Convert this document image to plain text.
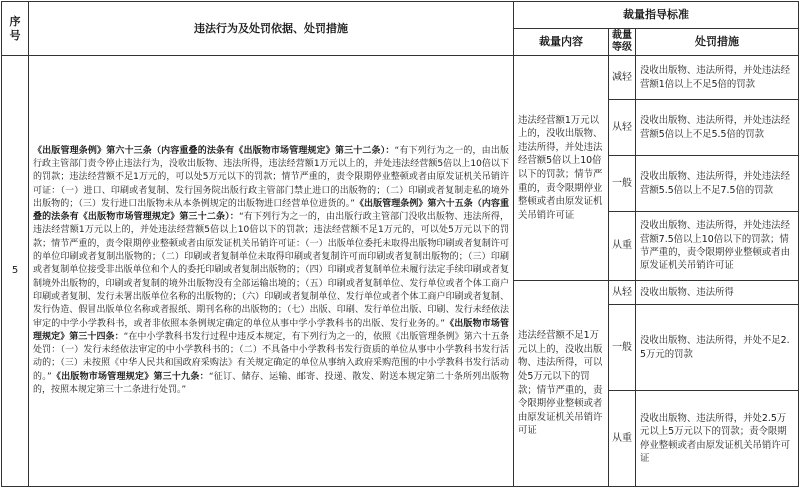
序号	违法行为及处罚依据、处罚措施	裁量指导标准		
		裁量内容	裁量等级	处罚措施
5	《出版管理条例》第六十三条（内容重叠的法条有《出版物市场管理规定》第三十二条）：“有下列行为之一的，由出版行政主管部门责令停止违法行为，没收出版物、违法所得，违法经营额1万元以上的，并处违法经营额5倍以上10倍以下的罚款；违法经营额不足1万元的，可以处5万元以下的罚款；情节严重的，责令限期停业整顿或者由原发证机关吊销许可证：（一）进口、印刷或者复制、发行国务院出版行政主管部门禁止进口的出版物的；（二）印刷或者复制走私的境外出版物的；（三）发行进口出版物未从本条例规定的出版物进口经营单位进货的。”《出版管理条例》第六十五条（内容重叠的法条有《出版物市场管理规定》第三十二条）：“有下列行为之一的，由出版行政主管部门没收出版物、违法所得，违法经营额1万元以上的，并处违法经营额5倍以上10倍以下的罚款；违法经营额不足1万元的，可以处5万元以下的罚款；情节严重的，责令限期停业整顿或者由原发证机关吊销许可证：（一）出版单位委托未取得出版物印刷或者复制许可的单位印刷或者复制出版物的；（二）印刷或者复制单位未取得印刷或者复制许可而印刷或者复制出版物的；（三）印刷或者复制单位接受非出版单位和个人的委托印刷或者复制出版物的；（四）印刷或者复制单位未履行法定手续印刷或者复制境外出版物的，印刷或者复制的境外出版物没有全部运输出境的；（五）印刷或者复制单位、发行单位或者个体工商户印刷或者复制、发行未署出版单位名称的出版物的；（六）印刷或者复制单位、发行单位或者个体工商户印刷或者复制、发行伪造、假冒出版单位名称或者报纸、期刊名称的出版物的；（七）出版、印刷、发行单位出版、印刷、发行未经依法审定的中学小学教科书，或者非依照本条例规定确定的单位从事中学小学教科书的出版、发行业务的。”《出版物市场管理规定》第三十四条：“在中小学教科书发行过程中违反本规定，有下列行为之一的，依照《出版管理条例》第六十五条处罚：（一）发行未经依法审定的中小学教科书的；（二）不具备中小学教科书发行资质的单位从事中小学教科书发行活动的；（三）未按照《中华人民共和国政府采购法》有关规定确定的单位从事纳入政府采购范围的中小学教科书发行活动的。”《出版物市场管理规定》第三十九条：“征订、储存、运输、邮寄、投递、散发、附送本规定第二十条所列出版物的，按照本规定第三十二条进行处罚。”	违法经营额1万元以上的，没收出版物、违法所得，并处违法经营额5倍以上10倍以下的罚款；情节严重的，责令限期停业整顿或者由原发证机关吊销许可证	减轻	没收出版物、违法所得，并处违法经营额1倍以上不足5倍的罚款
			从轻	没收出版物、违法所得，并处违法经营额5倍以上不足5.5倍的罚款
			一般	没收出版物、违法所得，并处违法经营额5.5倍以上不足7.5倍的罚款
			从重	没收出版物、违法所得，并处违法经营额7.5倍以上10倍以下的罚款；情节严重的，责令限期停业整顿或者由原发证机关吊销许可证
		违法经营额不足1万元以上的，没收出版物、违法所得，可以处5万元以下的罚款；情节严重的，责令限期停业整顿或者由原发证机关吊销许可证	从轻	没收出版物、违法所得
			一般	没收出版物、违法所得，并处不足2.5万元的罚款
			从重	没收出版物、违法所得，并处2.5万元以上5万元以下的罚款；责令限期停业整顿或者由原发证机关吊销许可证
